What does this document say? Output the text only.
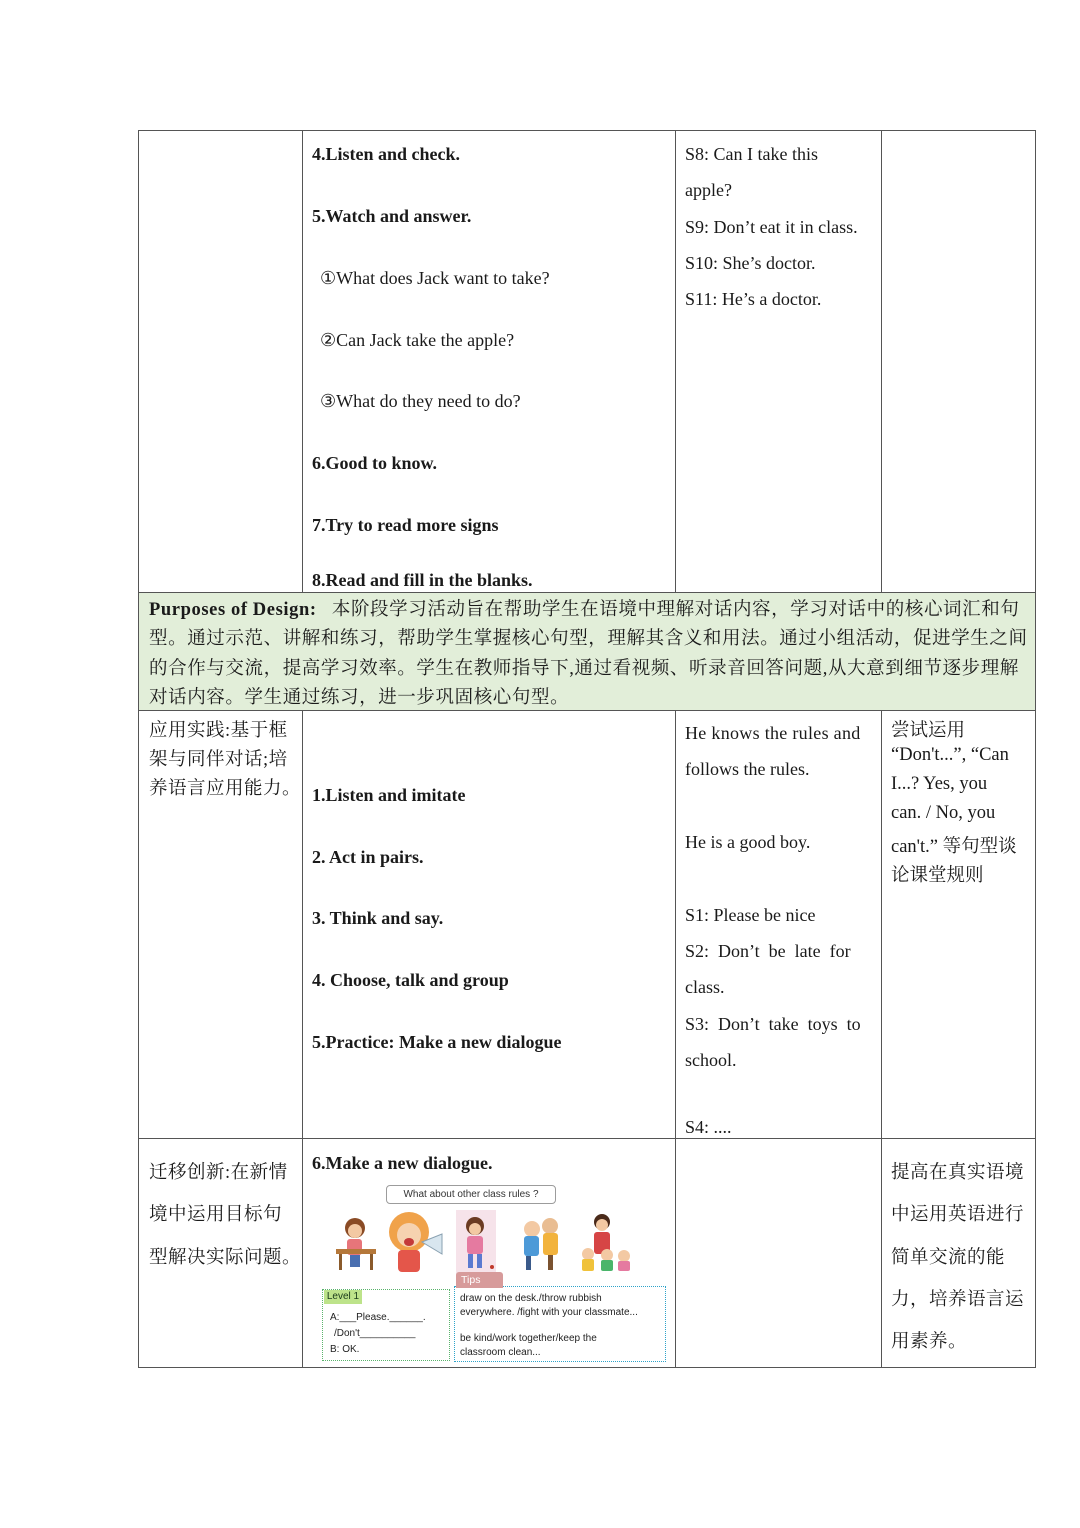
4.Listen and check.
5.Watch and answer.
①What does Jack want to take?
②Can Jack take the apple?
③What do they need to do?
6.Good to know.
7.Try to read more signs
8.Read and fill in the blanks.
S8: Can I take this
apple?
S9: Don’t eat it in class.
S10: She’s doctor.
S11: He’s a doctor.
Purposes of Design: 本阶段学习活动旨在帮助学生在语境中理解对话内容，学习对话中的核心词汇和句型。通过示范、讲解和练习，帮助学生掌握核心句型，理解其含义和用法。通过小组活动，促进学生之间的合作与交流，提高学习效率。学生在教师指导下,通过看视频、听录音回答问题,从大意到细节逐步理解对话内容。学生通过练习，进一步巩固核心句型。
应用实践:基于框
架与同伴对话;培
养语言应用能力。 1.Listen and imitate
2. Act in pairs.
3. Think and say.
4. Choose, talk and group
5.Practice: Make a new dialogue
He knows the rules and
follows the rules.
He is a good boy.
S1: Please be nice
S2:  Don’t  be  late  for
class.
S3:  Don’t  take  toys  to
school.
S4: ....
尝试运用
“Don't...”, “Can
I...? Yes, you
can. / No, you
can't.” 等句型谈
论课堂规则
迁移创新:在新情
境中运用目标句
型解决实际问题。
6.Make a new dialogue.
What about other class rules ?
Level 1
A:___Please.______.
/Don't__________
B: OK.
Tips
draw on the desk./throw rubbish
everywhere. /fight with your classmate...
be kind/work together/keep the
classroom clean...
提高在真实语境
中运用英语进行
简单交流的能
力，培养语言运
用素养。
